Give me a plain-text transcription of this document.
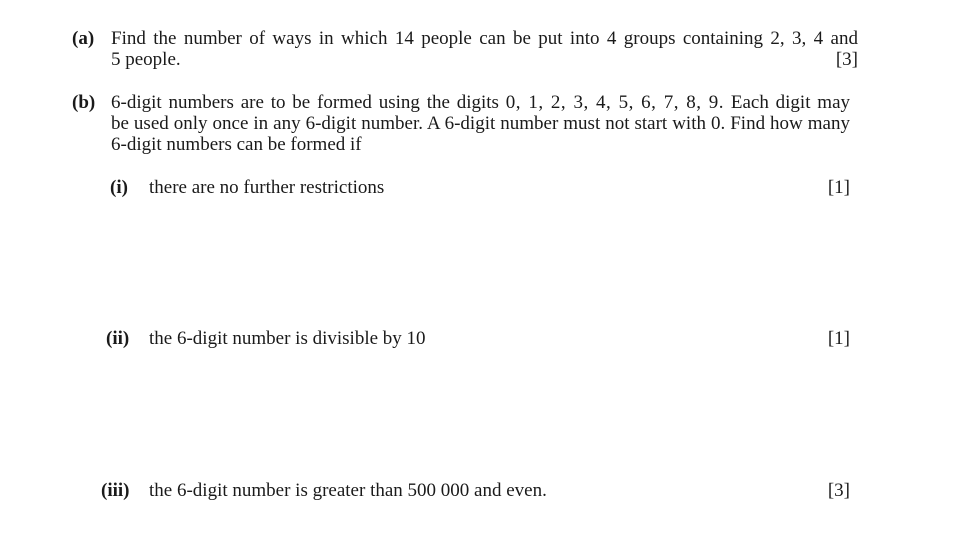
(a) Find the number of ways in which 14 people can be put into 4 groups containing 2, 3, 4 and
5 people.	[3]
(b) 6-digit numbers are to be formed using the digits 0, 1, 2, 3, 4, 5, 6, 7, 8, 9. Each digit may
be used only once in any 6-digit number. A 6-digit number must not start with 0. Find how many
6-digit numbers can be formed if
(i) there are no further restrictions	[1]
(ii) the 6-digit number is divisible by 10	[1]
(iii) the 6-digit number is greater than 500 000 and even.	[3]
